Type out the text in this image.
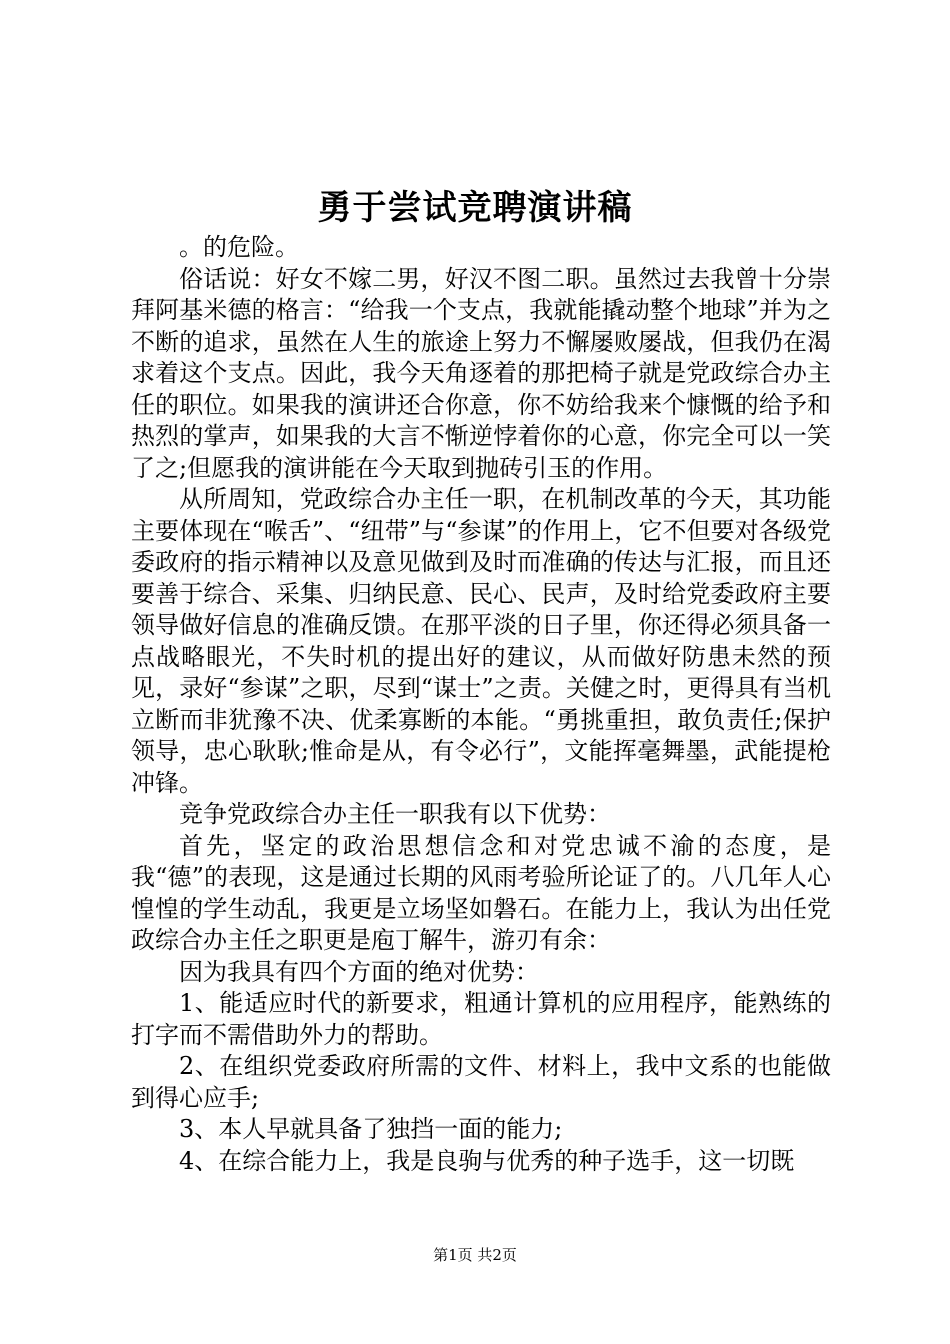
勇于尝试竞聘演讲稿

。的危险。

俗话说：好女不嫁二男，好汉不图二职。虽然过去我曾十分崇拜阿基米德的格言：“给我一个支点，我就能撬动整个地球”并为之不断的追求，虽然在人生的旅途上努力不懈屡败屡战，但我仍在渴求着这个支点。因此，我今天角逐着的那把椅子就是党政综合办主任的职位。如果我的演讲还合你意，你不妨给我来个慷慨的给予和热烈的掌声，如果我的大言不惭逆悖着你的心意，你完全可以一笑了之;但愿我的演讲能在今天取到抛砖引玉的作用。

从所周知，党政综合办主任一职，在机制改革的今天，其功能主要体现在“喉舌”、“纽带”与“参谋”的作用上，它不但要对各级党委政府的指示精神以及意见做到及时而准确的传达与汇报，而且还要善于综合、采集、归纳民意、民心、民声，及时给党委政府主要领导做好信息的准确反馈。在那平淡的日子里，你还得必须具备一点战略眼光，不失时机的提出好的建议，从而做好防患未然的预见，录好“参谋”之职，尽到“谋士”之责。关健之时，更得具有当机立断而非犹豫不决、优柔寡断的本能。“勇挑重担，敢负责任;保护领导，忠心耿耿;惟命是从，有令必行”，文能挥毫舞墨，武能提枪冲锋。

竞争党政综合办主任一职我有以下优势：

首先，坚定的政治思想信念和对党忠诚不渝的态度，是我“德”的表现，这是通过长期的风雨考验所论证了的。八几年人心惶惶的学生动乱，我更是立场坚如磐石。在能力上，我认为出任党政综合办主任之职更是庖丁解牛，游刃有余：

因为我具有四个方面的绝对优势：

1、能适应时代的新要求，粗通计算机的应用程序，能熟练的打字而不需借助外力的帮助。

2、在组织党委政府所需的文件、材料上，我中文系的也能做到得心应手;

3、本人早就具备了独挡一面的能力;

4、在综合能力上，我是良驹与优秀的种子选手，这一切既

第1页 共2页
